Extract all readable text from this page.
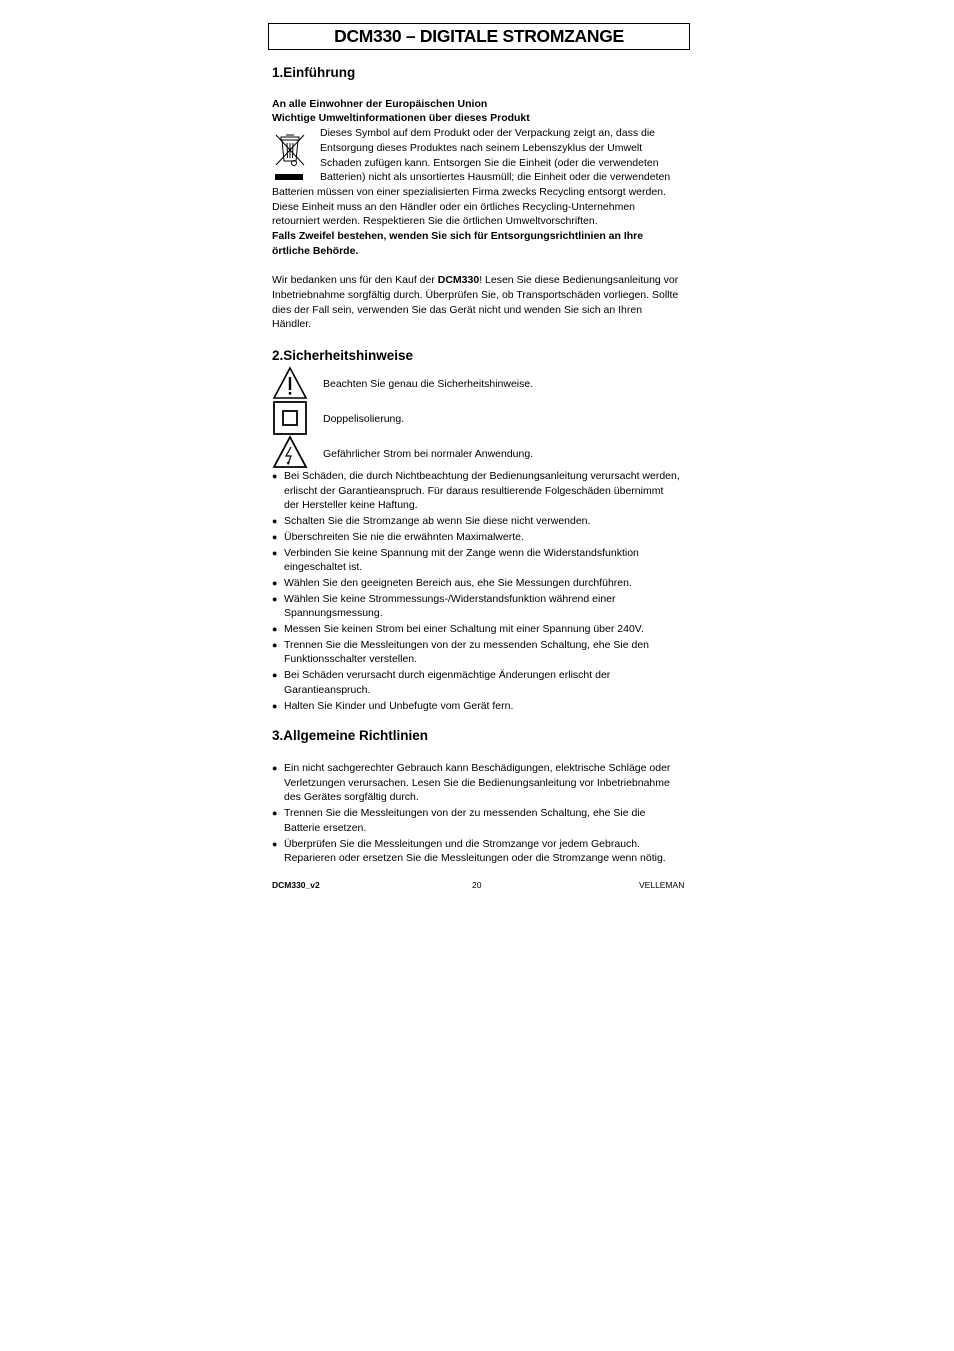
DCM330 – DIGITALE STROMZANGE
1.Einführung
An alle Einwohner der Europäischen Union
Wichtige Umweltinformationen über dieses Produkt
Dieses Symbol auf dem Produkt oder der Verpackung zeigt an, dass die
Entsorgung dieses Produktes nach seinem Lebenszyklus der Umwelt
Schaden zufügen kann. Entsorgen Sie die Einheit (oder die verwendeten
Batterien) nicht als unsortiertes Hausmüll; die Einheit oder die verwendeten
Batterien müssen von einer spezialisierten Firma zwecks Recycling entsorgt werden.
Diese Einheit muss an den Händler oder ein örtliches Recycling-Unternehmen
retourniert werden. Respektieren Sie die örtlichen Umweltvorschriften.
Falls Zweifel bestehen, wenden Sie sich für Entsorgungsrichtlinien an Ihre
örtliche Behörde.
Wir bedanken uns für den Kauf der DCM330! Lesen Sie diese Bedienungsanleitung vor
Inbetriebnahme sorgfältig durch. Überprüfen Sie, ob Transportschäden vorliegen. Sollte
dies der Fall sein, verwenden Sie das Gerät nicht und wenden Sie sich an Ihren
Händler.
2.Sicherheitshinweise
Beachten Sie genau die Sicherheitshinweise.
Doppelisolierung.
Gefährlicher Strom bei normaler Anwendung.
● Bei Schäden, die durch Nichtbeachtung der Bedienungsanleitung verursacht werden,
erlischt der Garantieanspruch. Für daraus resultierende Folgeschäden übernimmt
der Hersteller keine Haftung.
● Schalten Sie die Stromzange ab wenn Sie diese nicht verwenden.
● Überschreiten Sie nie die erwähnten Maximalwerte.
● Verbinden Sie keine Spannung mit der Zange wenn die Widerstandsfunktion
eingeschaltet ist.
● Wählen Sie den geeigneten Bereich aus, ehe Sie Messungen durchführen.
● Wählen Sie keine Strommessungs-/Widerstandsfunktion während einer
Spannungsmessung.
● Messen Sie keinen Strom bei einer Schaltung mit einer Spannung über 240V.
● Trennen Sie die Messleitungen von der zu messenden Schaltung, ehe Sie den
Funktionsschalter verstellen.
● Bei Schäden verursacht durch eigenmächtige Änderungen erlischt der
Garantieanspruch.
● Halten Sie Kinder und Unbefugte vom Gerät fern.
3.Allgemeine Richtlinien
● Ein nicht sachgerechter Gebrauch kann Beschädigungen, elektrische Schläge oder
Verletzungen verursachen. Lesen Sie die Bedienungsanleitung vor Inbetriebnahme
des Gerätes sorgfältig durch.
● Trennen Sie die Messleitungen von der zu messenden Schaltung, ehe Sie die
Batterie ersetzen.
● Überprüfen Sie die Messleitungen und die Stromzange vor jedem Gebrauch.
Reparieren oder ersetzen Sie die Messleitungen oder die Stromzange wenn nötig.
DCM330_v2	20	VELLEMAN
